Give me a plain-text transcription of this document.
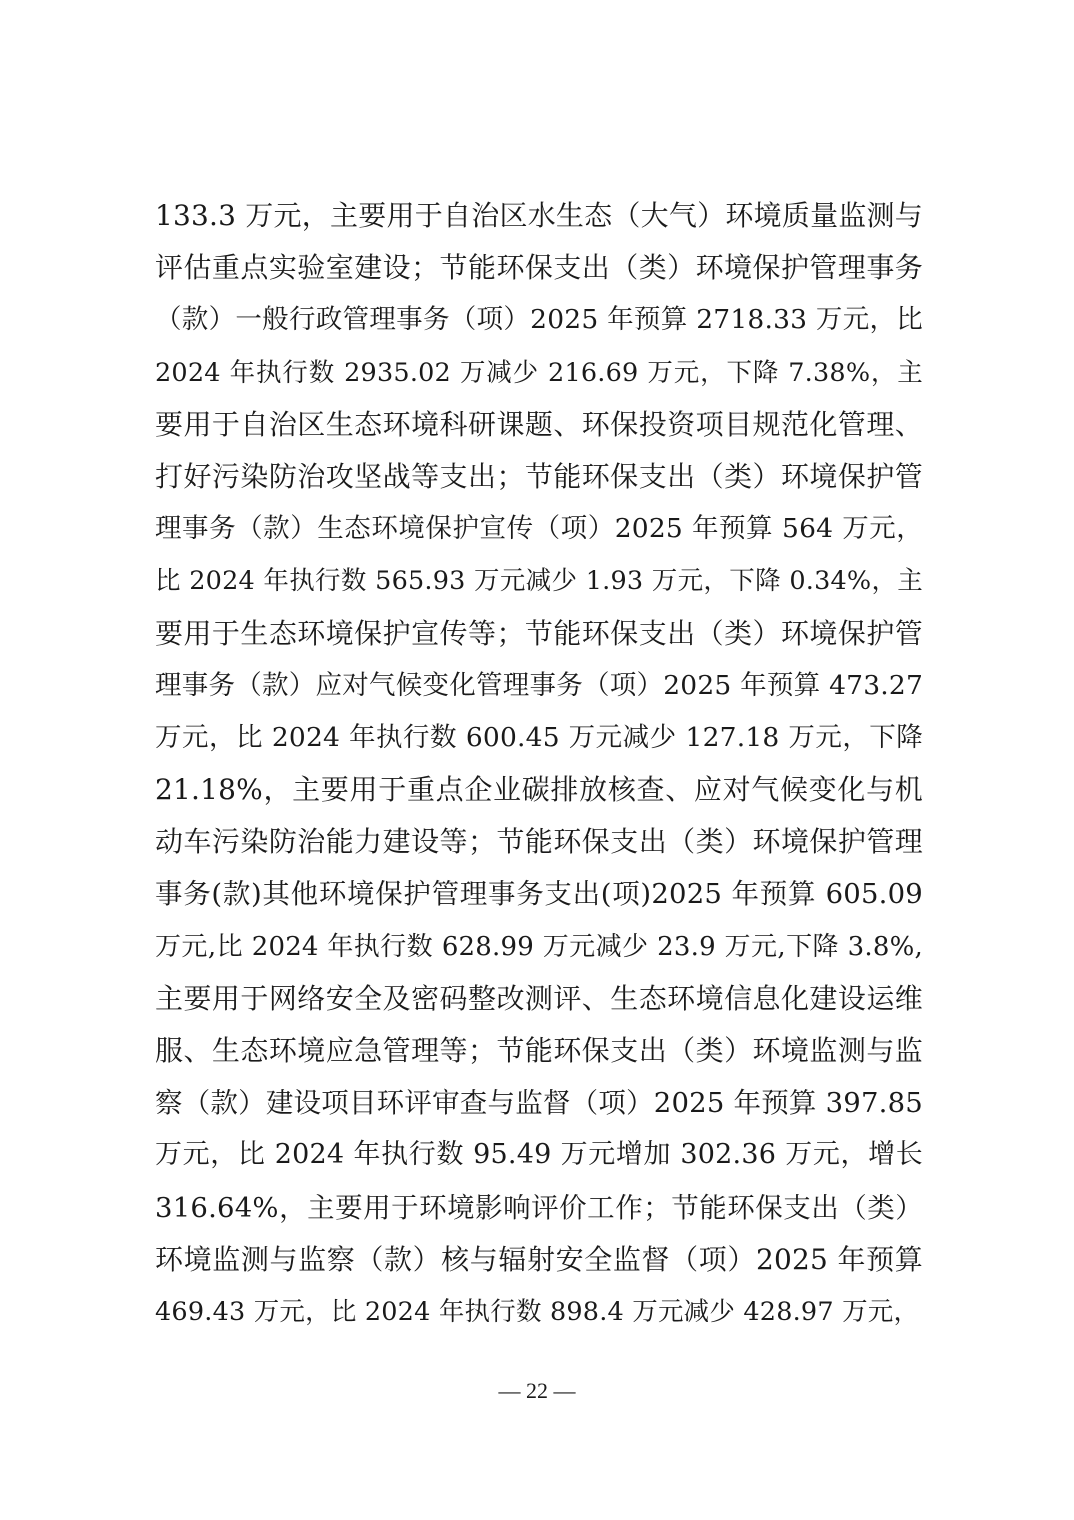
133.3 万元，主要用于自治区水生态（大气）环境质量监测与
评估重点实验室建设；节能环保支出（类）环境保护管理事务
（款）一般行政管理事务（项）2025 年预算 2718.33 万元，比
2024 年执行数 2935.02 万减少 216.69 万元，下降 7.38%，主
要用于自治区生态环境科研课题、环保投资项目规范化管理、
打好污染防治攻坚战等支出；节能环保支出（类）环境保护管
理事务（款）生态环境保护宣传（项）2025 年预算 564 万元，
比 2024 年执行数 565.93 万元减少 1.93 万元，下降 0.34%，主
要用于生态环境保护宣传等；节能环保支出（类）环境保护管
理事务（款）应对气候变化管理事务（项）2025 年预算 473.27
万元，比 2024 年执行数 600.45 万元减少 127.18 万元，下降
21.18%，主要用于重点企业碳排放核查、应对气候变化与机
动车污染防治能力建设等；节能环保支出（类）环境保护管理
事务(款)其他环境保护管理事务支出(项)2025 年预算 605.09
万元,比 2024 年执行数 628.99 万元减少 23.9 万元,下降 3.8%,
主要用于网络安全及密码整改测评、生态环境信息化建设运维
服、生态环境应急管理等；节能环保支出（类）环境监测与监
察（款）建设项目环评审查与监督（项）2025 年预算 397.85
万元，比 2024 年执行数 95.49 万元增加 302.36 万元，增长
316.64%，主要用于环境影响评价工作；节能环保支出（类）
环境监测与监察（款）核与辐射安全监督（项）2025 年预算
469.43 万元，比 2024 年执行数 898.4 万元减少 428.97 万元，
— 22 —
